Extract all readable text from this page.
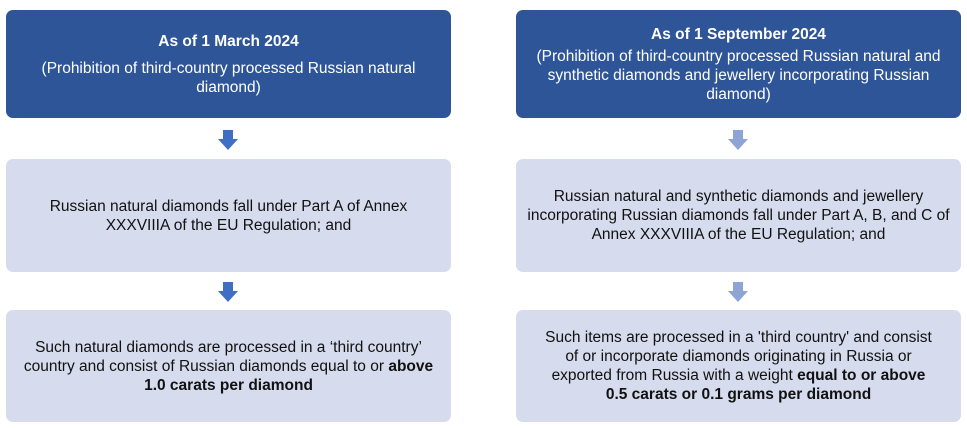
As of 1 March 2024
(Prohibition of third-country processed Russian natural diamond)
Russian natural diamonds fall under Part A of Annex XXXVIIIA of the EU Regulation; and
Such natural diamonds are processed in a ‘third country’ country and consist of Russian diamonds equal to or above 1.0 carats per diamond
As of 1 September 2024
(Prohibition of third-country processed Russian natural and synthetic diamonds and jewellery incorporating Russian diamond)
Russian natural and synthetic diamonds and jewellery incorporating Russian diamonds fall under Part A, B, and C of Annex XXXVIIIA of the EU Regulation; and
Such items are processed in a 'third country' and consist of or incorporate diamonds originating in Russia or exported from Russia with a weight equal to or above 0.5 carats or 0.1 grams per diamond
